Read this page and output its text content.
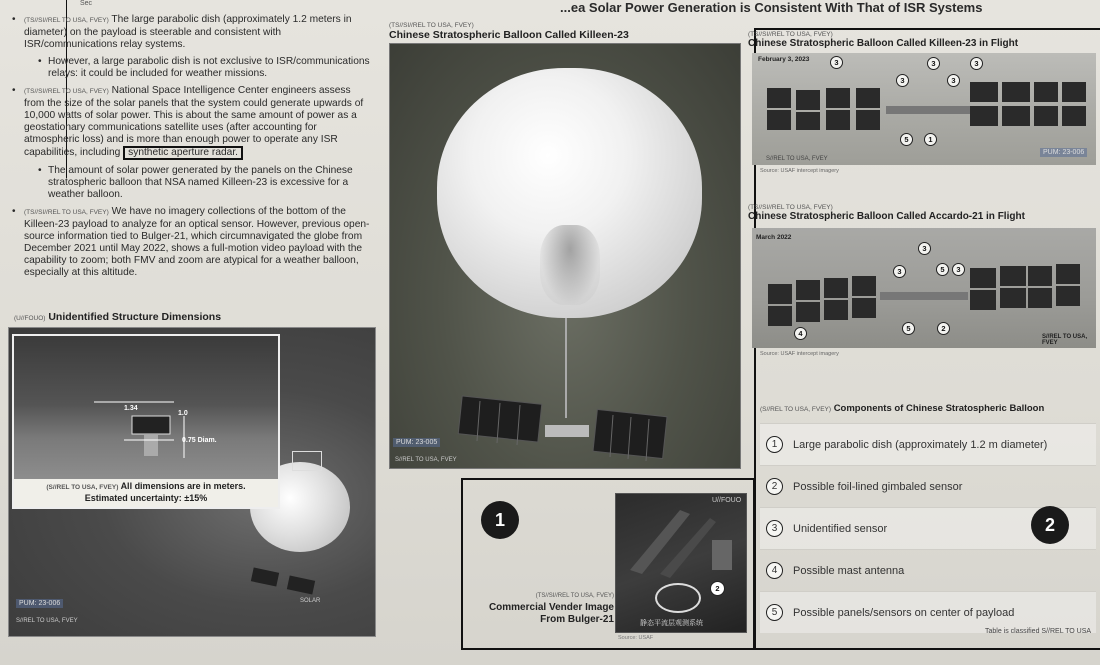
Sec	...ea Solar Power Generation is Consistent With That of ISR Systems
• (TS//SI//REL TO USA, FVEY) The large parabolic dish (approximately 1.2 meters in diameter) on the payload is steerable and consistent with ISR/communications relay systems.
• However, a large parabolic dish is not exclusive to ISR/communications relays: it could be included for weather missions.
• (TS//SI//REL TO USA, FVEY) National Space Intelligence Center engineers assess from the size of the solar panels that the system could generate upwards of 10,000 watts of solar power. This is about the same amount of power as a geostationary communications satellite uses (after accounting for atmospheric loss) and is more than enough power to operate any ISR capabilities, including synthetic aperture radar.
• The amount of solar power generated by the panels on the Chinese stratospheric balloon that NSA named Killeen-23 is excessive for a weather balloon.
• (TS//SI//REL TO USA, FVEY) We have no imagery collections of the bottom of the Killeen-23 payload to analyze for an optical sensor. However, previous open-source information tied to Bulger-21, which circumnavigated the globe from December 2021 until May 2022, shows a full-motion video payload with the capability to zoom; both FMV and zoom are atypical for a weather balloon, especially at this altitude.
(U//FOUO) Unidentified Structure Dimensions
1.34
1.0
0.75 Diam.
(S//REL TO USA, FVEY) All dimensions are in meters.
Estimated uncertainty: ±15%
SOLAR
PUM: 23-006
S//REL TO USA, FVEY
(TS//SI//REL TO USA, FVEY)
Chinese Stratospheric Balloon Called Killeen-23
PUM: 23-005
S//REL TO USA, FVEY
1
(TS//SI//REL TO USA, FVEY)
Commercial Vender Image
From Bulger-21
U//FOUO
2
静态平流层观测系统
Source: USAF
(TS//SI//REL TO USA, FVEY)
Chinese Stratospheric Balloon Called Killeen-23 in Flight
February 3, 2023	3
3
3
3
3
5	1
PUM: 23-006
S//REL TO USA, FVEY
Source: USAF intercept imagery
(TS//SI//REL TO USA, FVEY)
Chinese Stratospheric Balloon Called Accardo-21 in Flight
March 2022
3
3
5	3
4
5	2
S//REL TO USA, FVEY
Source: USAF intercept imagery
(S//REL TO USA, FVEY) Components of Chinese Stratospheric Balloon
1	Large parabolic dish (approximately 1.2 m diameter)
2	Possible foil-lined gimbaled sensor
3	Unidentified sensor
4	Possible mast antenna
5	Possible panels/sensors on center of payload
2
Table is classified S//REL TO USA
